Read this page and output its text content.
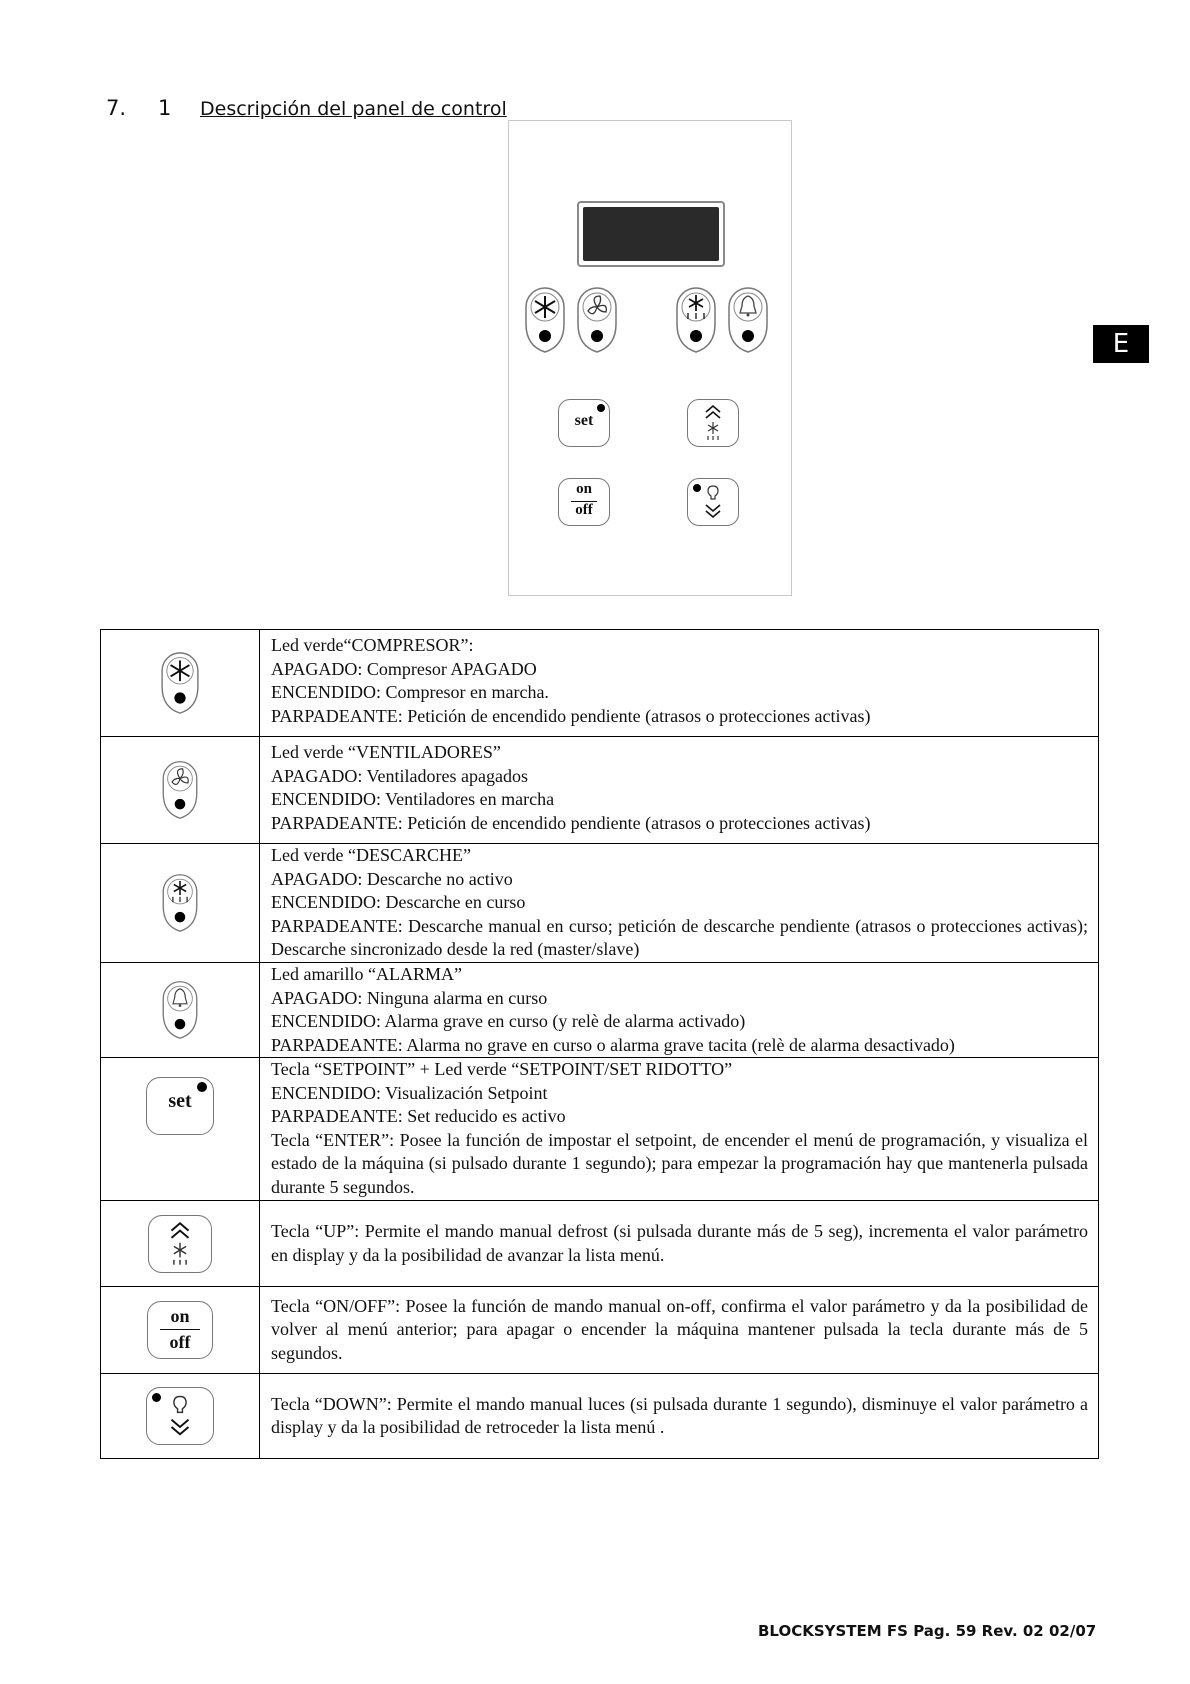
7. 1 Descripción del panel de control
E
set
on
off

Led verde“COMPRESOR”:
APAGADO: Compresor APAGADO
ENCENDIDO: Compresor en marcha.
PARPADEANTE: Petición de encendido pendiente (atrasos o protecciones activas)

Led verde “VENTILADORES”
APAGADO: Ventiladores apagados
ENCENDIDO: Ventiladores en marcha
PARPADEANTE: Petición de encendido pendiente (atrasos o protecciones activas)

Led verde “DESCARCHE”
APAGADO: Descarche no activo
ENCENDIDO: Descarche en curso
PARPADEANTE: Descarche manual en curso; petición de descarche pendiente (atrasos o protecciones activas); Descarche sincronizado desde la red (master/slave)

Led amarillo “ALARMA”
APAGADO: Ninguna alarma en curso
ENCENDIDO: Alarma grave en curso (y relè de alarma activado)
PARPADEANTE: Alarma no grave en curso o alarma grave tacita (relè de alarma desactivado)

set	Tecla “SETPOINT” + Led verde “SETPOINT/SET RIDOTTO”
ENCENDIDO: Visualización Setpoint
PARPADEANTE: Set reducido es activo
Tecla “ENTER”: Posee la función de impostar el setpoint, de encender el menú de programación, y visualiza el estado de la máquina (si pulsado durante 1 segundo); para empezar la programación hay que mantenerla pulsada durante 5 segundos.

Tecla “UP”: Permite el mando manual defrost (si pulsada durante más de 5 seg), incrementa el valor parámetro en display y da la posibilidad de avanzar la lista menú.

on
off	Tecla “ON/OFF”: Posee la función de mando manual on-off, confirma el valor parámetro y da la posibilidad de volver al menú anterior; para apagar o encender la máquina mantener pulsada la tecla durante más de 5 segundos.

Tecla “DOWN”: Permite el mando manual luces (si pulsada durante 1 segundo), disminuye el valor parámetro a display y da la posibilidad de retroceder la lista menú .
BLOCKSYSTEM FS Pag. 59 Rev. 02 02/07
